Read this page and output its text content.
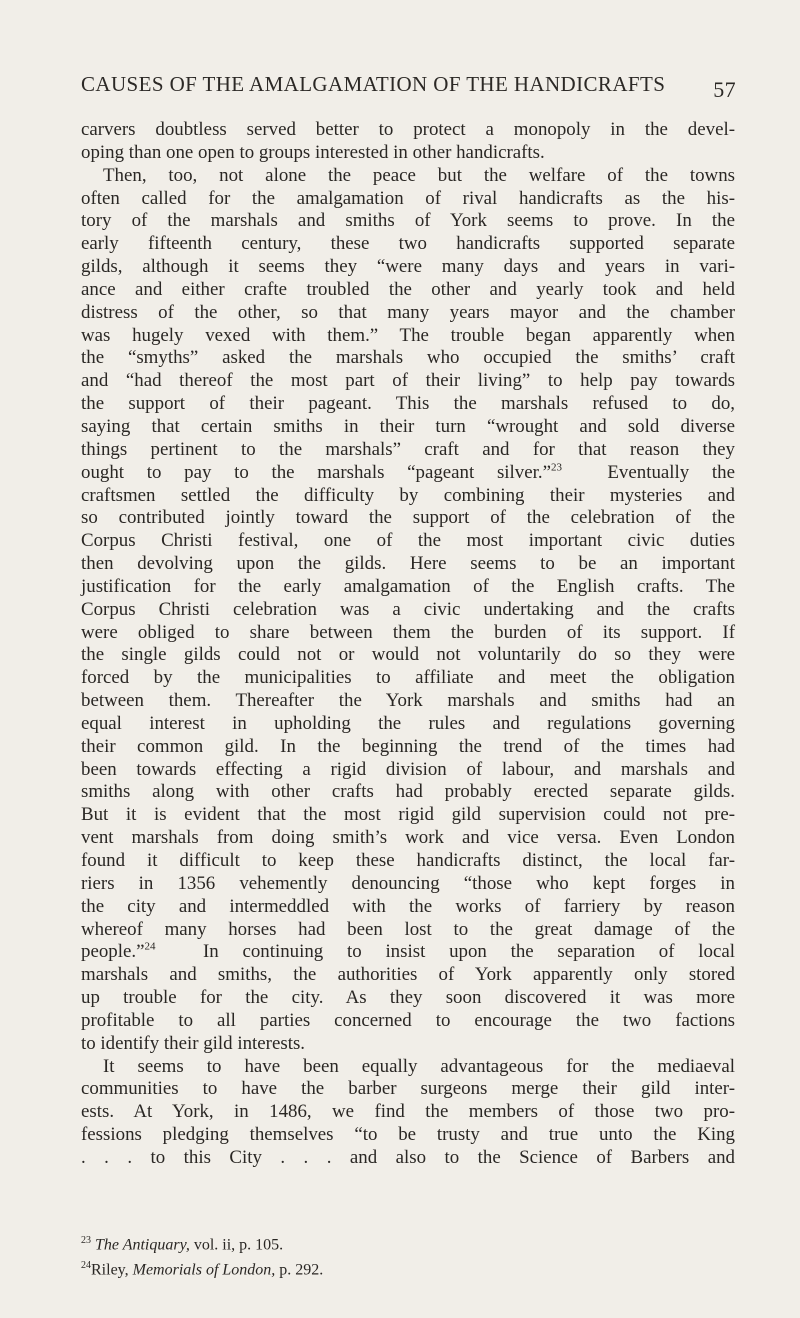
CAUSES OF THE AMALGAMATION OF THE HANDICRAFTS 57
carvers doubtless served better to protect a monopoly in the devel-
oping than one open to groups interested in other handicrafts.
Then, too, not alone the peace but the welfare of the towns
often called for the amalgamation of rival handicrafts as the his-
tory of the marshals and smiths of York seems to prove. In the
early fifteenth century, these two handicrafts supported separate
gilds, although it seems they “were many days and years in vari-
ance and either crafte troubled the other and yearly took and held
distress of the other, so that many years mayor and the chamber
was hugely vexed with them.” The trouble began apparently when
the “smyths” asked the marshals who occupied the smiths’ craft
and “had thereof the most part of their living” to help pay towards
the support of their pageant. This the marshals refused to do,
saying that certain smiths in their turn “wrought and sold diverse
things pertinent to the marshals” craft and for that reason they
ought to pay to the marshals “pageant silver.”$^{23}$ Eventually the
craftsmen settled the difficulty by combining their mysteries and
so contributed jointly toward the support of the celebration of the
Corpus Christi festival, one of the most important civic duties
then devolving upon the gilds. Here seems to be an important
justification for the early amalgamation of the English crafts. The
Corpus Christi celebration was a civic undertaking and the crafts
were obliged to share between them the burden of its support. If
the single gilds could not or would not voluntarily do so they were
forced by the municipalities to affiliate and meet the obligation
between them. Thereafter the York marshals and smiths had an
equal interest in upholding the rules and regulations governing
their common gild. In the beginning the trend of the times had
been towards effecting a rigid division of labour, and marshals and
smiths along with other crafts had probably erected separate gilds.
But it is evident that the most rigid gild supervision could not pre-
vent marshals from doing smith’s work and vice versa. Even London
found it difficult to keep these handicrafts distinct, the local far-
riers in 1356 vehemently denouncing “those who kept forges in
the city and intermeddled with the works of farriery by reason
whereof many horses had been lost to the great damage of the
people.”$^{24}$	In continuing to insist upon the separation of local
marshals and smiths, the authorities of York apparently only stored
up trouble for the city. As they soon discovered it was more
profitable to all parties concerned to encourage the two factions
to identify their gild interests.
It seems to have been equally advantageous for the mediaeval
communities to have the barber surgeons merge their gild inter-
ests. At York, in 1486, we find the members of those two pro-
fessions pledging themselves “to be trusty and true unto the King
. . . to this City . . . and also to the Science of Barbers and
$^{23}$ The Antiquary, vol. ii, p. 105.
$^{24}$Riley, Memorials of London, p. 292.
